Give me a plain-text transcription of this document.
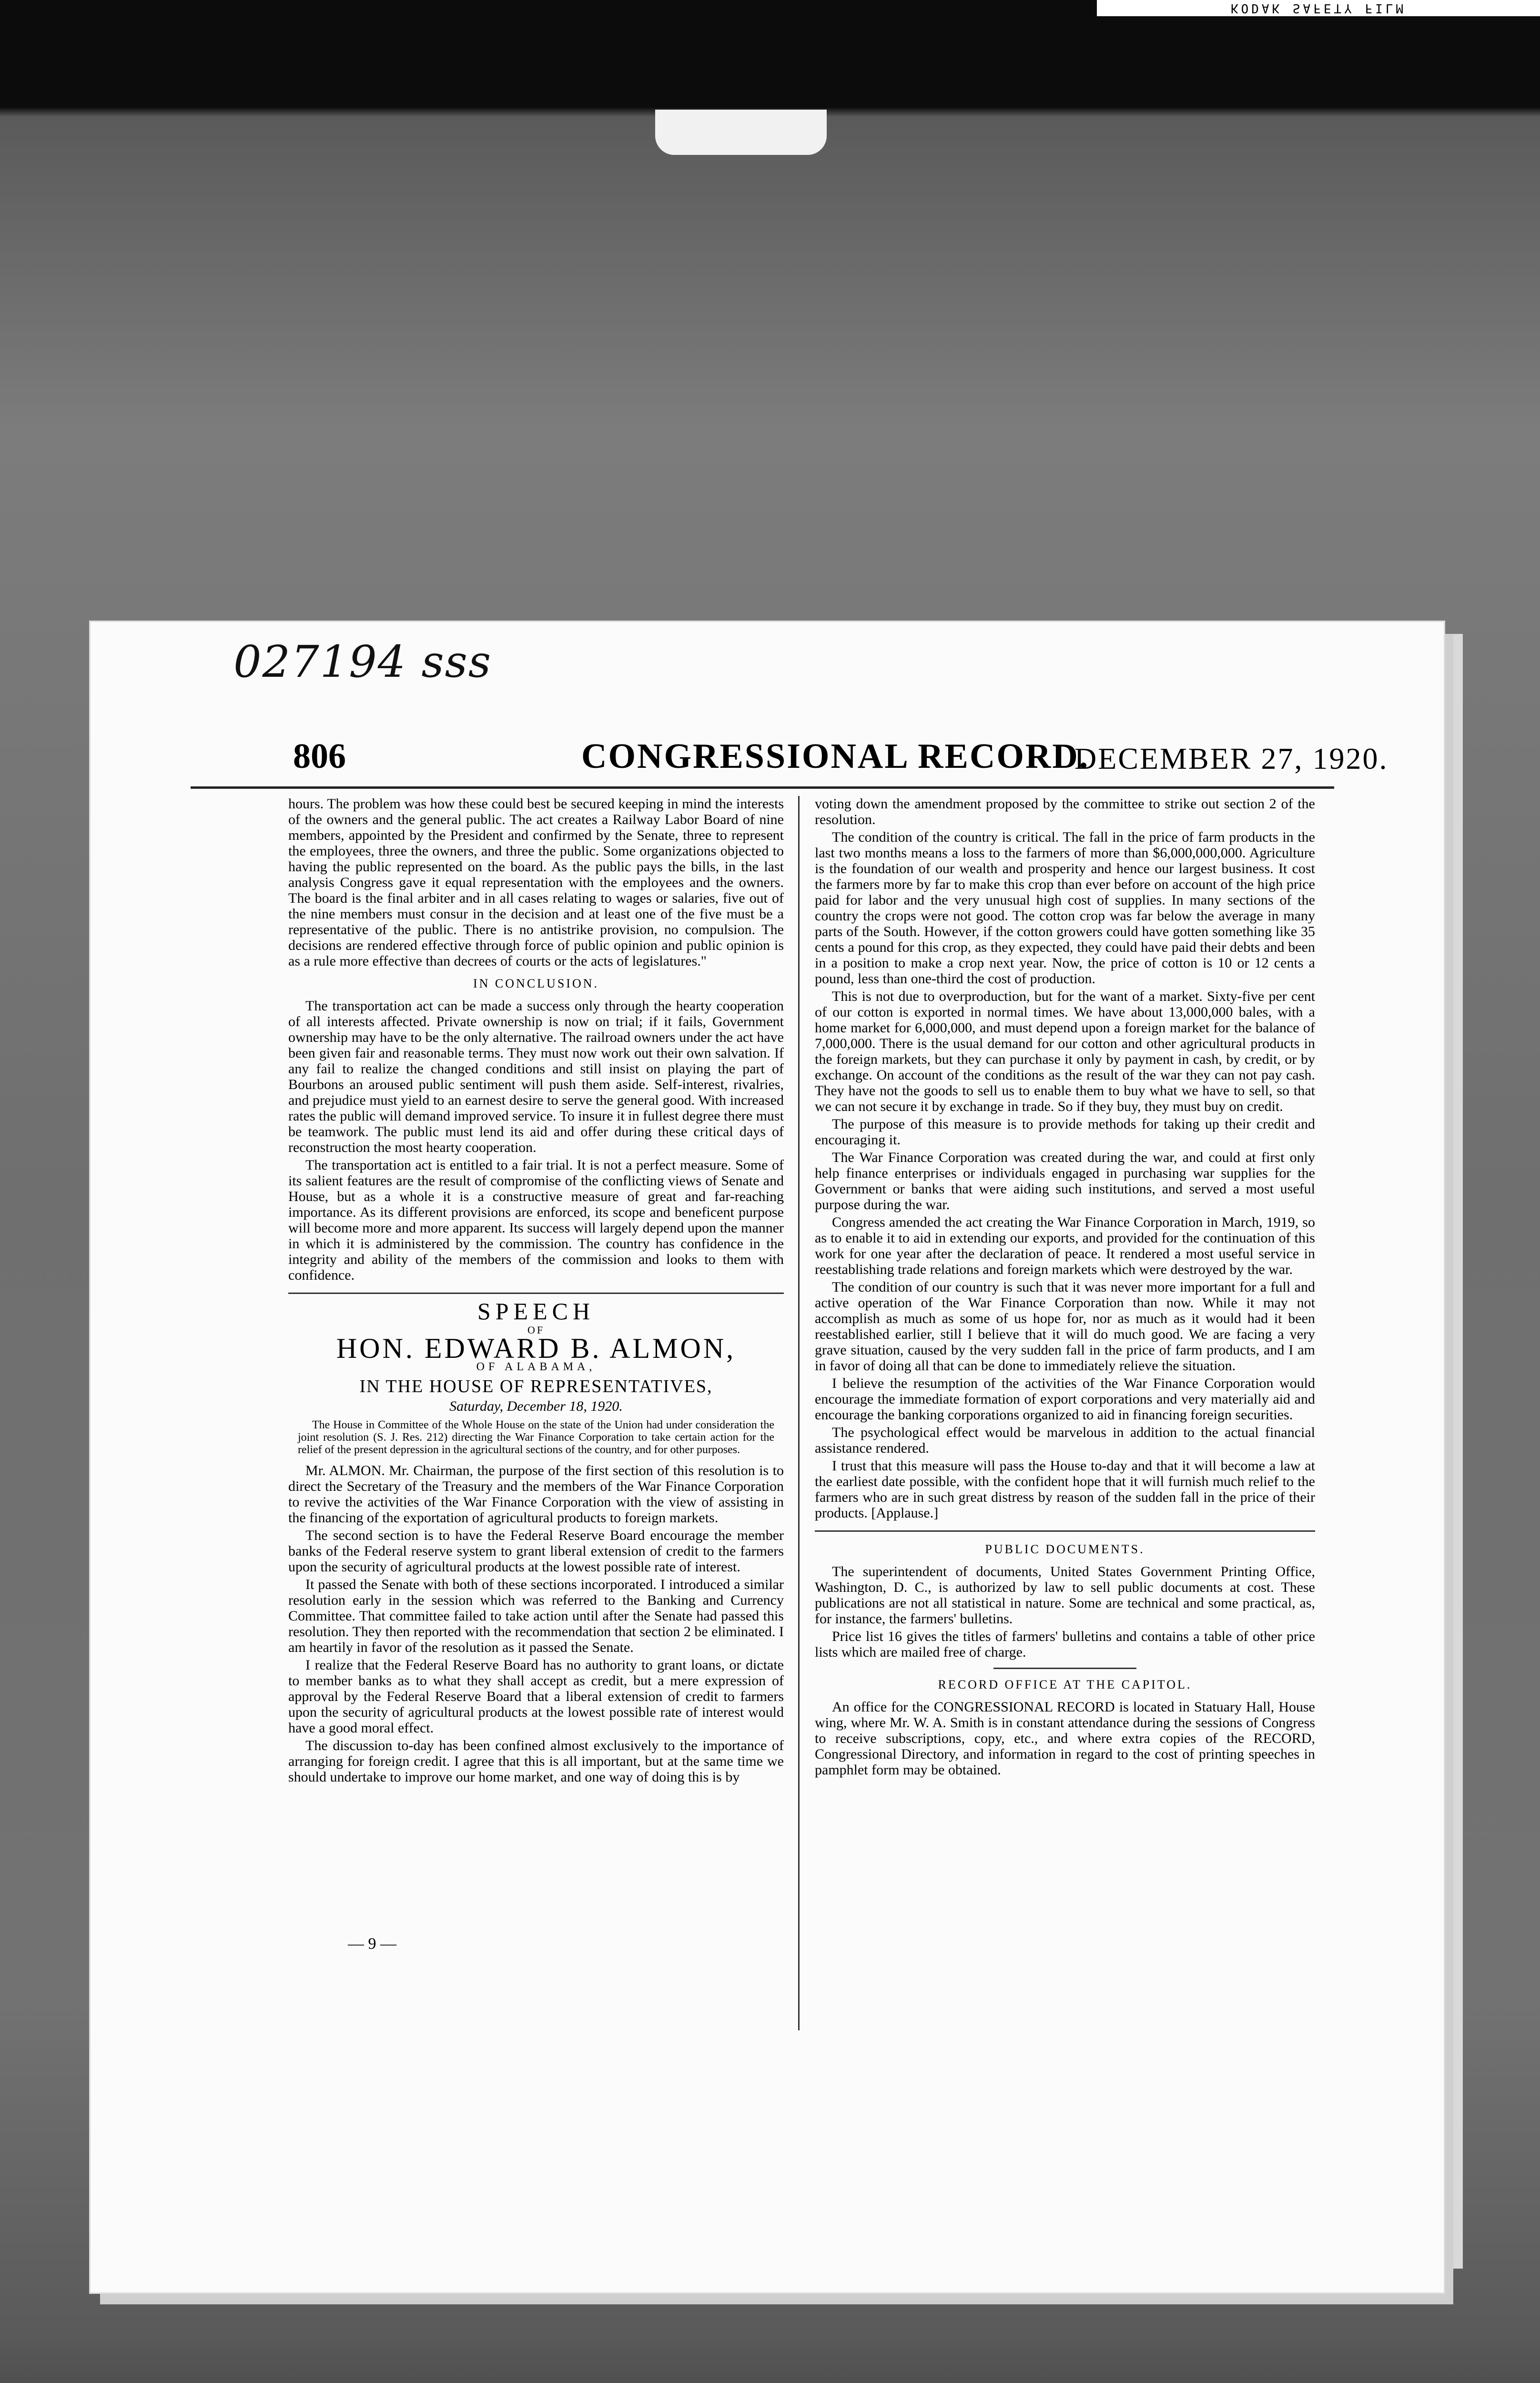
KODAK SAFETY FILM
027194 sss
806	CONGRESSIONAL RECORD.
DECEMBER 27, 1920.

hours. The problem was how these could best be secured keeping in mind the interests of the owners and the general public. The act creates a Railway Labor Board of nine members, appointed by the President and confirmed by the Senate, three to represent the employees, three the owners, and three the public. Some organizations objected to having the public represented on the board. As the public pays the bills, in the last analysis Congress gave it equal representation with the employees and the owners. The board is the final arbiter and in all cases relating to wages or salaries, five out of the nine members must consur in the decision and at least one of the five must be a representative of the public. There is no antistrike provision, no compulsion. The decisions are rendered effective through force of public opinion and public opinion is as a rule more effective than decrees of courts or the acts of legislatures."

IN CONCLUSION.

The transportation act can be made a success only through the hearty cooperation of all interests affected. Private ownership is now on trial; if it fails, Government ownership may have to be the only alternative. The railroad owners under the act have been given fair and reasonable terms. They must now work out their own salvation. If any fail to realize the changed conditions and still insist on playing the part of Bourbons an aroused public sentiment will push them aside. Self-interest, rivalries, and prejudice must yield to an earnest desire to serve the general good. With increased rates the public will demand improved service. To insure it in fullest degree there must be teamwork. The public must lend its aid and offer during these critical days of reconstruction the most hearty cooperation.

The transportation act is entitled to a fair trial. It is not a perfect measure. Some of its salient features are the result of compromise of the conflicting views of Senate and House, but as a whole it is a constructive measure of great and far-reaching importance. As its different provisions are enforced, its scope and beneficent purpose will become more and more apparent. Its success will largely depend upon the manner in which it is administered by the commission. The country has confidence in the integrity and ability of the members of the commission and looks to them with confidence.

SPEECH
OF
HON. EDWARD B. ALMON,
OF ALABAMA,
IN THE HOUSE OF REPRESENTATIVES,
Saturday, December 18, 1920.
The House in Committee of the Whole House on the state of the Union had under consideration the joint resolution (S. J. Res. 212) directing the War Finance Corporation to take certain action for the relief of the present depression in the agricultural sections of the country, and for other purposes.

Mr. ALMON. Mr. Chairman, the purpose of the first section of this resolution is to direct the Secretary of the Treasury and the members of the War Finance Corporation to revive the activities of the War Finance Corporation with the view of assisting in the financing of the exportation of agricultural products to foreign markets.

The second section is to have the Federal Reserve Board encourage the member banks of the Federal reserve system to grant liberal extension of credit to the farmers upon the security of agricultural products at the lowest possible rate of interest.

It passed the Senate with both of these sections incorporated. I introduced a similar resolution early in the session which was referred to the Banking and Currency Committee. That committee failed to take action until after the Senate had passed this resolution. They then reported with the recommendation that section 2 be eliminated. I am heartily in favor of the resolution as it passed the Senate.

I realize that the Federal Reserve Board has no authority to grant loans, or dictate to member banks as to what they shall accept as credit, but a mere expression of approval by the Federal Reserve Board that a liberal extension of credit to farmers upon the security of agricultural products at the lowest possible rate of interest would have a good moral effect.

The discussion to-day has been confined almost exclusively to the importance of arranging for foreign credit. I agree that this is all important, but at the same time we should undertake to improve our home market, and one way of doing this is by

voting down the amendment proposed by the committee to strike out section 2 of the resolution.

The condition of the country is critical. The fall in the price of farm products in the last two months means a loss to the farmers of more than $6,000,000,000. Agriculture is the foundation of our wealth and prosperity and hence our largest business. It cost the farmers more by far to make this crop than ever before on account of the high price paid for labor and the very unusual high cost of supplies. In many sections of the country the crops were not good. The cotton crop was far below the average in many parts of the South. However, if the cotton growers could have gotten something like 35 cents a pound for this crop, as they expected, they could have paid their debts and been in a position to make a crop next year. Now, the price of cotton is 10 or 12 cents a pound, less than one-third the cost of production.

This is not due to overproduction, but for the want of a market. Sixty-five per cent of our cotton is exported in normal times. We have about 13,000,000 bales, with a home market for 6,000,000, and must depend upon a foreign market for the balance of 7,000,000. There is the usual demand for our cotton and other agricultural products in the foreign markets, but they can purchase it only by payment in cash, by credit, or by exchange. On account of the conditions as the result of the war they can not pay cash. They have not the goods to sell us to enable them to buy what we have to sell, so that we can not secure it by exchange in trade. So if they buy, they must buy on credit.

The purpose of this measure is to provide methods for taking up their credit and encouraging it.

The War Finance Corporation was created during the war, and could at first only help finance enterprises or individuals engaged in purchasing war supplies for the Government or banks that were aiding such institutions, and served a most useful purpose during the war.

Congress amended the act creating the War Finance Corporation in March, 1919, so as to enable it to aid in extending our exports, and provided for the continuation of this work for one year after the declaration of peace. It rendered a most useful service in reestablishing trade relations and foreign markets which were destroyed by the war.

The condition of our country is such that it was never more important for a full and active operation of the War Finance Corporation than now. While it may not accomplish as much as some of us hope for, nor as much as it would had it been reestablished earlier, still I believe that it will do much good. We are facing a very grave situation, caused by the very sudden fall in the price of farm products, and I am in favor of doing all that can be done to immediately relieve the situation.

I believe the resumption of the activities of the War Finance Corporation would encourage the immediate formation of export corporations and very materially aid and encourage the banking corporations organized to aid in financing foreign securities.

The psychological effect would be marvelous in addition to the actual financial assistance rendered.

I trust that this measure will pass the House to-day and that it will become a law at the earliest date possible, with the confident hope that it will furnish much relief to the farmers who are in such great distress by reason of the sudden fall in the price of their products. [Applause.]

PUBLIC DOCUMENTS.

The superintendent of documents, United States Government Printing Office, Washington, D. C., is authorized by law to sell public documents at cost. These publications are not all statistical in nature. Some are technical and some practical, as, for instance, the farmers' bulletins.

Price list 16 gives the titles of farmers' bulletins and contains a table of other price lists which are mailed free of charge.

RECORD OFFICE AT THE CAPITOL.

An office for the CONGRESSIONAL RECORD is located in Statuary Hall, House wing, where Mr. W. A. Smith is in constant attendance during the sessions of Congress to receive subscriptions, copy, etc., and where extra copies of the RECORD, Congressional Directory, and information in regard to the cost of printing speeches in pamphlet form may be obtained.

— 9 —
